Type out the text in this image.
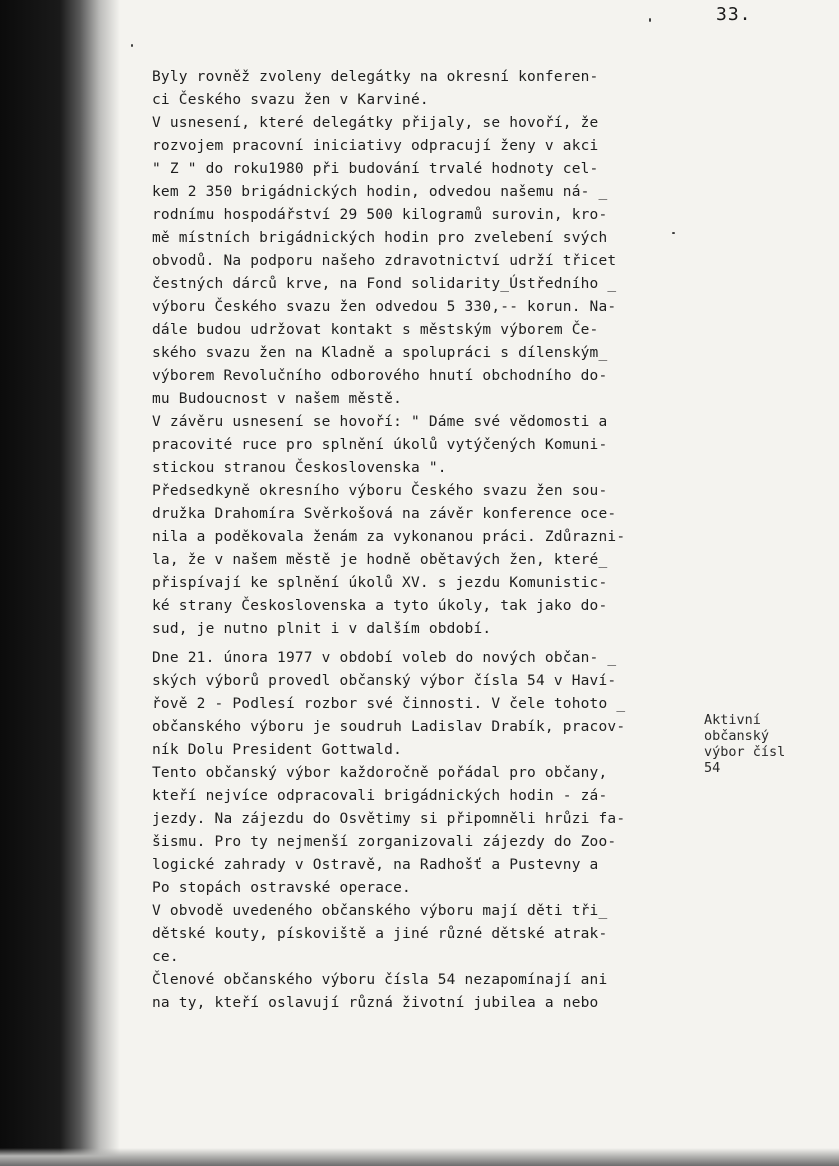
33.
Byly rovněž zvoleny delegátky na okresní konferen-
ci Českého svazu žen v Karviné.
V usnesení, které delegátky přijaly, se hovoří, že
rozvojem pracovní iniciativy odpracují ženy v akci
" Z " do roku1980 při budování trvalé hodnoty cel-
kem 2 350 brigádnických hodin, odvedou našemu ná- _
rodnímu hospodářství 29 500 kilogramů surovin, kro-
mě místních brigádnických hodin pro zvelebení svých
obvodů. Na podporu našeho zdravotnictví udrží třicet
čestných dárců krve, na Fond solidarity_Ústředního _
výboru Českého svazu žen odvedou 5 330,-- korun. Na-
dále budou udržovat kontakt s městským výborem Če-
ského svazu žen na Kladně a spolupráci s dílenským_
výborem Revolučního odborového hnutí obchodního do-
mu Budoucnost v našem městě.
V závěru usnesení se hovoří: " Dáme své vědomosti a
pracovité ruce pro splnění úkolů vytýčených Komuni-
stickou stranou Československa ".
Předsedkyně okresního výboru Českého svazu žen sou-
družka Drahomíra Svěrkošová na závěr konference oce-
nila a poděkovala ženám za vykonanou práci. Zdůrazni-
la, že v našem městě je hodně obětavých žen, které_
přispívají ke splnění úkolů XV. s jezdu Komunistic-
ké strany Československa a tyto úkoly, tak jako do-
sud, je nutno plnit i v dalším období.
Dne 21. února 1977 v období voleb do nových občan- _
ských výborů provedl občanský výbor čísla 54 v Haví-
řově 2 - Podlesí rozbor své činnosti. V čele tohoto _
občanského výboru je soudruh Ladislav Drabík, pracov-
ník Dolu President Gottwald.
Tento občanský výbor každoročně pořádal pro občany,
kteří nejvíce odpracovali brigádnických hodin - zá-
jezdy. Na zájezdu do Osvětimy si připomněli hrůzi fa-
šismu. Pro ty nejmenší zorganizovali zájezdy do Zoo-
logické zahrady v Ostravě, na Radhošť a Pustevny a
Po stopách ostravské operace.
V obvodě uvedeného občanského výboru mají děti tři_
dětské kouty, pískoviště a jiné různé dětské atrak-
ce.
Členové občanského výboru čísla 54 nezapomínají ani
na ty, kteří oslavují různá životní jubilea a nebo
Aktivní
občanský
výbor čísl
54
